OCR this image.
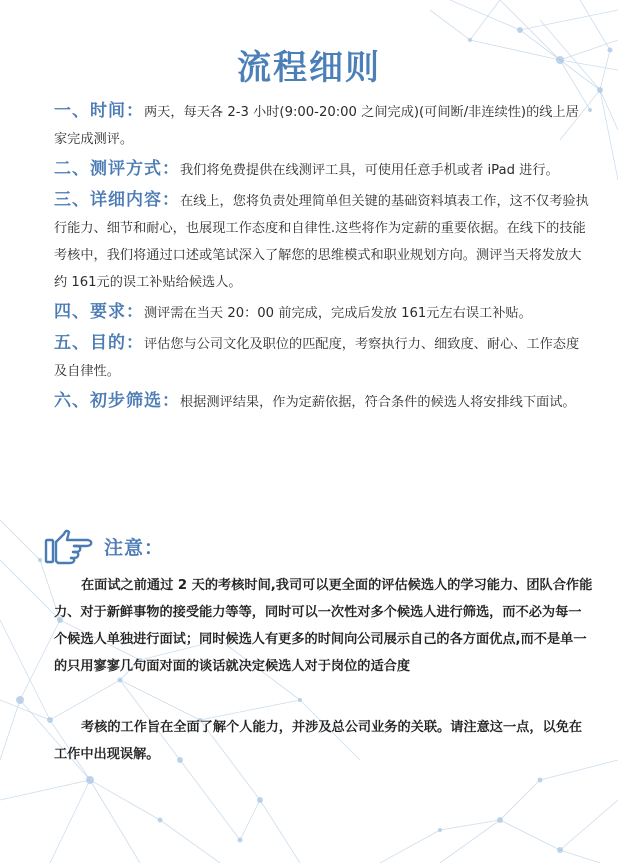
流程细则
一、时间：两天，每天各 2-3 小时(9:00-20:00 之间完成)(可间断/非连续性)的线上居家完成测评。
二、测评方式：我们将免费提供在线测评工具，可使用任意手机或者 iPad 进行。
三、详细内容：在线上，您将负责处理简单但关键的基础资料填表工作，这不仅考验执行能力、细节和耐心，也展现工作态度和自律性.这些将作为定薪的重要依据。在线下的技能考核中，我们将通过口述或笔试深入了解您的思维模式和职业规划方向。测评当天将发放大约 161元的误工补贴给候选人。
四、要求：测评需在当天 20：00 前完成，完成后发放 161元左右误工补贴。
五、目的：评估您与公司文化及职位的匹配度，考察执行力、细致度、耐心、工作态度及自律性。
六、初步筛选：根据测评结果，作为定薪依据，符合条件的候选人将安排线下面试。
注意：

在面试之前通过 2 天的考核时间,我司可以更全面的评估候选人的学习能力、团队合作能力、对于新鲜事物的接受能力等等，同时可以一次性对多个候选人进行筛选，而不必为每一个候选人单独进行面试；同时候选人有更多的时间向公司展示自己的各方面优点,而不是单一的只用寥寥几句面对面的谈话就决定候选人对于岗位的适合度

考核的工作旨在全面了解个人能力，并涉及总公司业务的关联。请注意这一点，以免在工作中出现误解。
